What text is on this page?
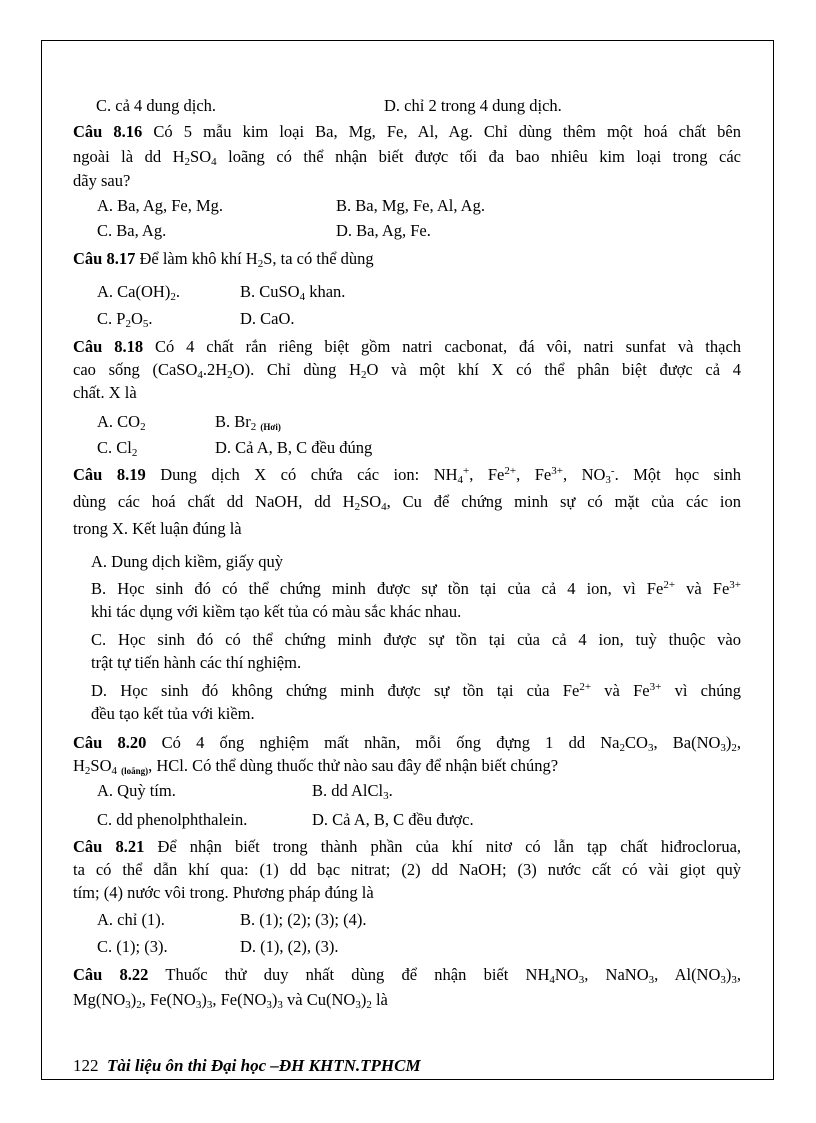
C. cả 4 dung dịch.	D. chỉ 2 trong 4 dung dịch.
Câu 8.16 Có 5 mẫu kim loại Ba, Mg, Fe, Al, Ag. Chỉ dùng thêm một hoá chất bên
ngoài là dd $H_2SO_4$ loãng có thể nhận biết được tối đa bao nhiêu kim loại trong các
dãy sau?
A. Ba, Ag, Fe, Mg.	B. Ba, Mg, Fe, Al, Ag.
C. Ba, Ag.	D. Ba, Ag, Fe.
Câu 8.17 Để làm khô khí $H_2S$, ta có thể dùng
A. $Ca(OH)_2$.	B. CuSO$_4$ khan.
C. $P_2O_5$.	D. CaO.
Câu 8.18 Có 4 chất rắn riêng biệt gồm natri cacbonat, đá vôi, natri sunfat và thạch
cao sống $(CaSO_4.2H_2O)$. Chỉ dùng $H_2O$ và một khí X có thể phân biệt được cả 4
chất. X là
A. $CO_2$	B. $Br_2$ (Hơi)
C. $Cl_2$	D. Cả A, B, C đều đúng
Câu 8.19 Dung dịch X có chứa các ion: $NH_4^+$, $Fe^{2+}$, $Fe^{3+}$, $NO_3^-$. Một học sinh
dùng các hoá chất dd NaOH, dd $H_2SO_4$, Cu để chứng minh sự có mặt của các ion
trong X. Kết luận đúng là
A. Dung dịch kiềm, giấy quỳ
B. Học sinh đó có thể chứng minh được sự tồn tại của cả 4 ion, vì $Fe^{2+}$ và $Fe^{3+}$
khi tác dụng với kiềm tạo kết tủa có màu sắc khác nhau.
C. Học sinh đó có thể chứng minh được sự tồn tại của cả 4 ion, tuỳ thuộc vào
trật tự tiến hành các thí nghiệm.
D. Học sinh đó không chứng minh được sự tồn tại của $Fe^{2+}$ và $Fe^{3+}$ vì chúng
đều tạo kết tủa với kiềm.
Câu 8.20 Có 4 ống nghiệm mất nhãn, mỗi ống đựng 1 dd $Na_2CO_3$, $Ba(NO_3)_2$,
$H_2SO_4$ (loãng), HCl. Có thể dùng thuốc thử nào sau đây để nhận biết chúng?
A. Quỳ tím.	B. dd AlCl$_3$.
C. dd phenolphthalein.	D. Cả A, B, C đều được.
Câu 8.21 Để nhận biết trong thành phần của khí nitơ có lẫn tạp chất hiđroclorua,
ta có thể dẫn khí qua: (1) dd bạc nitrat; (2) dd NaOH; (3) nước cất có vài giọt quỳ
tím; (4) nước vôi trong. Phương pháp đúng là
A. chỉ (1).	B. (1); (2); (3); (4).
C. (1); (3).	D. (1), (2), (3).
Câu 8.22 Thuốc thử duy nhất dùng để nhận biết $NH_4NO_3$, NaNO$_3$, $Al(NO_3)_3$,
$Mg(NO_3)_2$, $Fe(NO_3)_3$, $Fe(NO_3)_3$ và $Cu(NO_3)_2$ là
122 Tài liệu ôn thi Đại học –ĐH KHTN.TPHCM
